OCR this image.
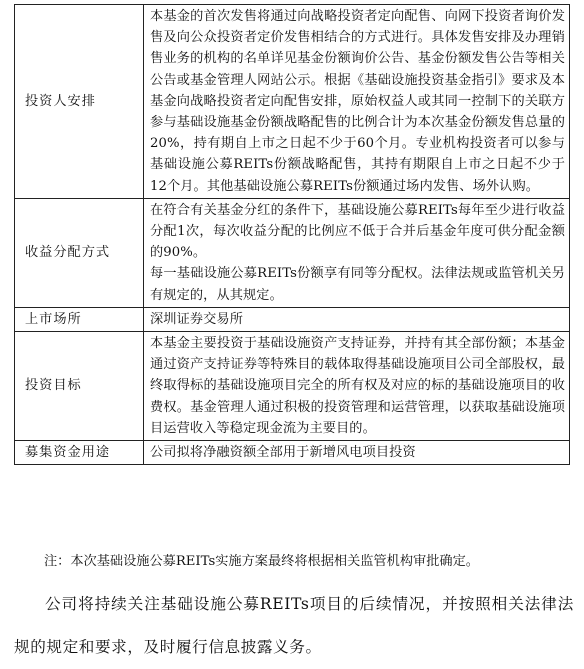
投资人安排	本基金的首次发售将通过向战略投资者定向配售、向网下投资者询价发售及向公众投资者定价发售相结合的方式进行。具体发售安排及办理销售业务的机构的名单详见基金份额询价公告、基金份额发售公告等相关公告或基金管理人网站公示。根据《基础设施投资基金指引》要求及本基金向战略投资者定向配售安排，原始权益人或其同一控制下的关联方参与基础设施基金份额战略配售的比例合计为本次基金份额发售总量的20%，持有期自上市之日起不少于60个月。专业机构投资者可以参与基础设施公募REITs份额战略配售，其持有期限自上市之日起不少于12个月。其他基础设施公募REITs份额通过场内发售、场外认购。

收益分配方式	在符合有关基金分红的条件下，基础设施公募REITs每年至少进行收益分配1次，每次收益分配的比例应不低于合并后基金年度可供分配金额的90%。

每一基础设施公募REITs份额享有同等分配权。法律法规或监管机关另有规定的，从其规定。

上市场所	深圳证券交易所

投资目标	本基金主要投资于基础设施资产支持证券，并持有其全部份额；本基金通过资产支持证券等特殊目的载体取得基础设施项目公司全部股权，最终取得标的基础设施项目完全的所有权及对应的标的基础设施项目的收费权。基金管理人通过积极的投资管理和运营管理，以获取基础设施项目运营收入等稳定现金流为主要目的。

募集资金用途	公司拟将净融资额全部用于新增风电项目投资

注：本次基础设施公募REITs实施方案最终将根据相关监管机构审批确定。

公司将持续关注基础设施公募REITs项目的后续情况，并按照相关法律法规的规定和要求，及时履行信息披露义务。
